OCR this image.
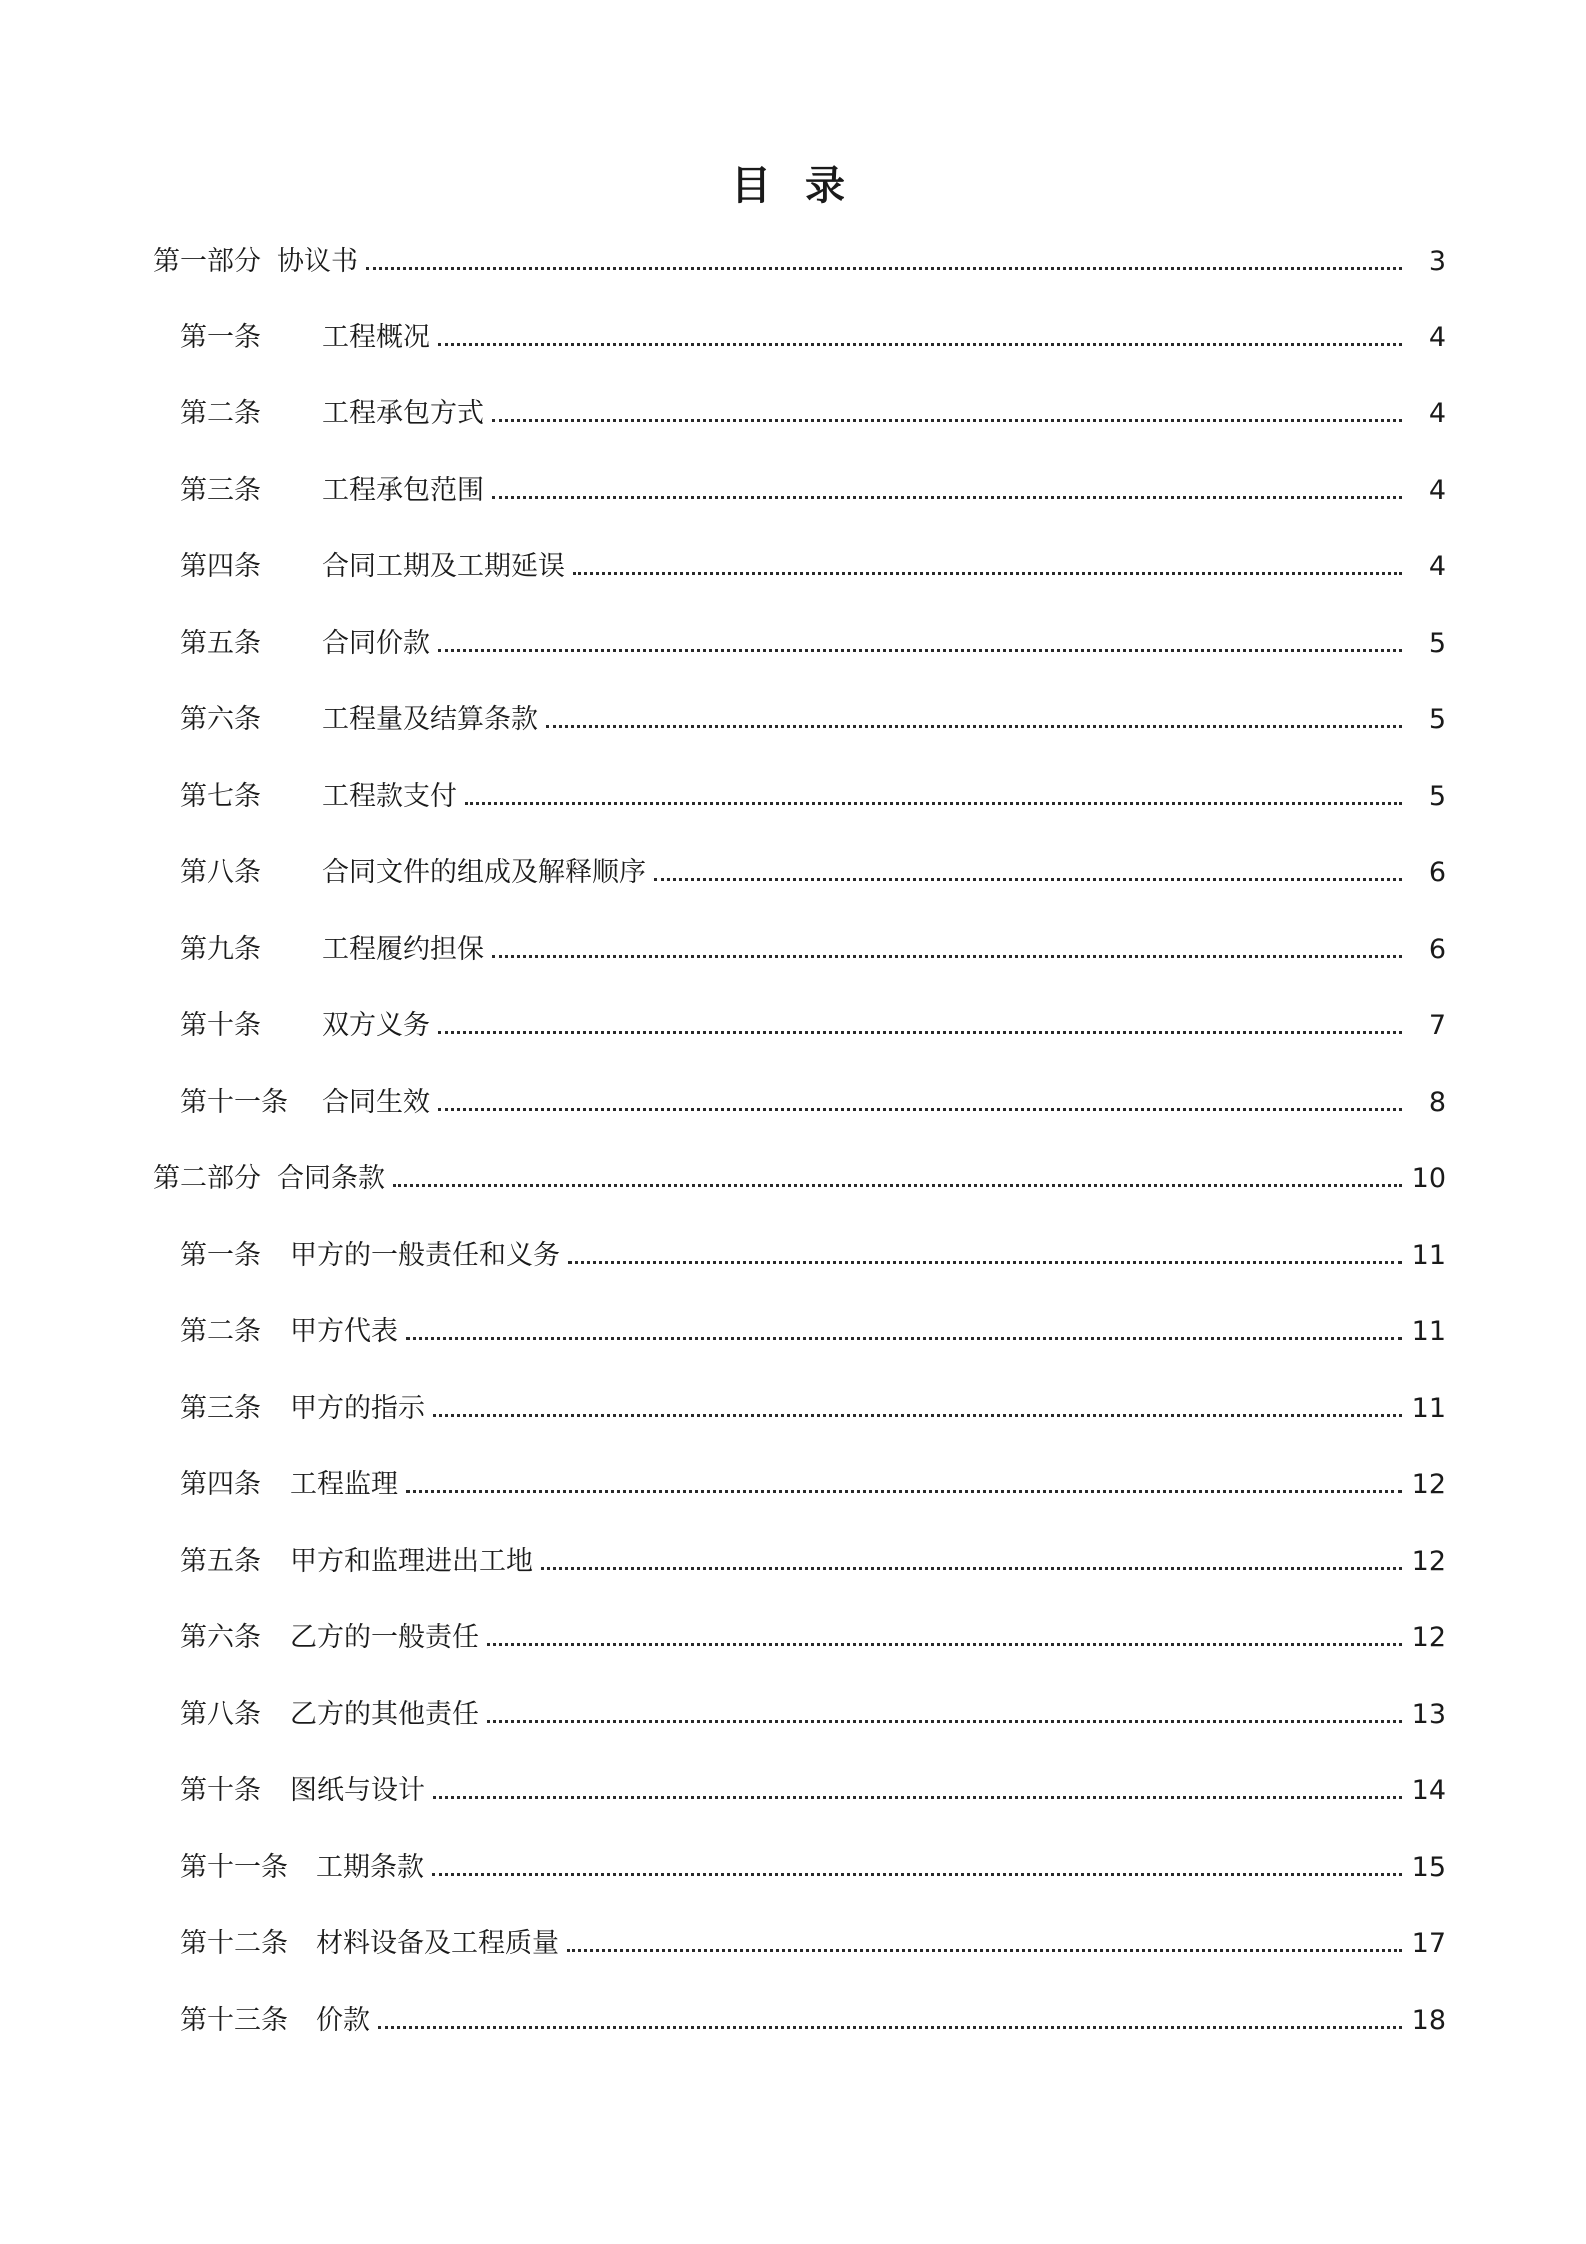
目 录
第一部分 协议书	3
第一条	工程概况	4
第二条	工程承包方式	4
第三条	工程承包范围	4
第四条	合同工期及工期延误	4
第五条	合同价款	5
第六条	工程量及结算条款	5
第七条	工程款支付	5
第八条	合同文件的组成及解释顺序	6
第九条	工程履约担保	6
第十条	双方义务	7
第十一条	合同生效	8
第二部分 合同条款	10
第一条	甲方的一般责任和义务	11
第二条	甲方代表	11
第三条	甲方的指示	11
第四条	工程监理	12
第五条	甲方和监理进出工地	12
第六条	乙方的一般责任	12
第八条	乙方的其他责任	13
第十条	图纸与设计	14
第十一条	工期条款	15
第十二条	材料设备及工程质量	17
第十三条	价款	18
